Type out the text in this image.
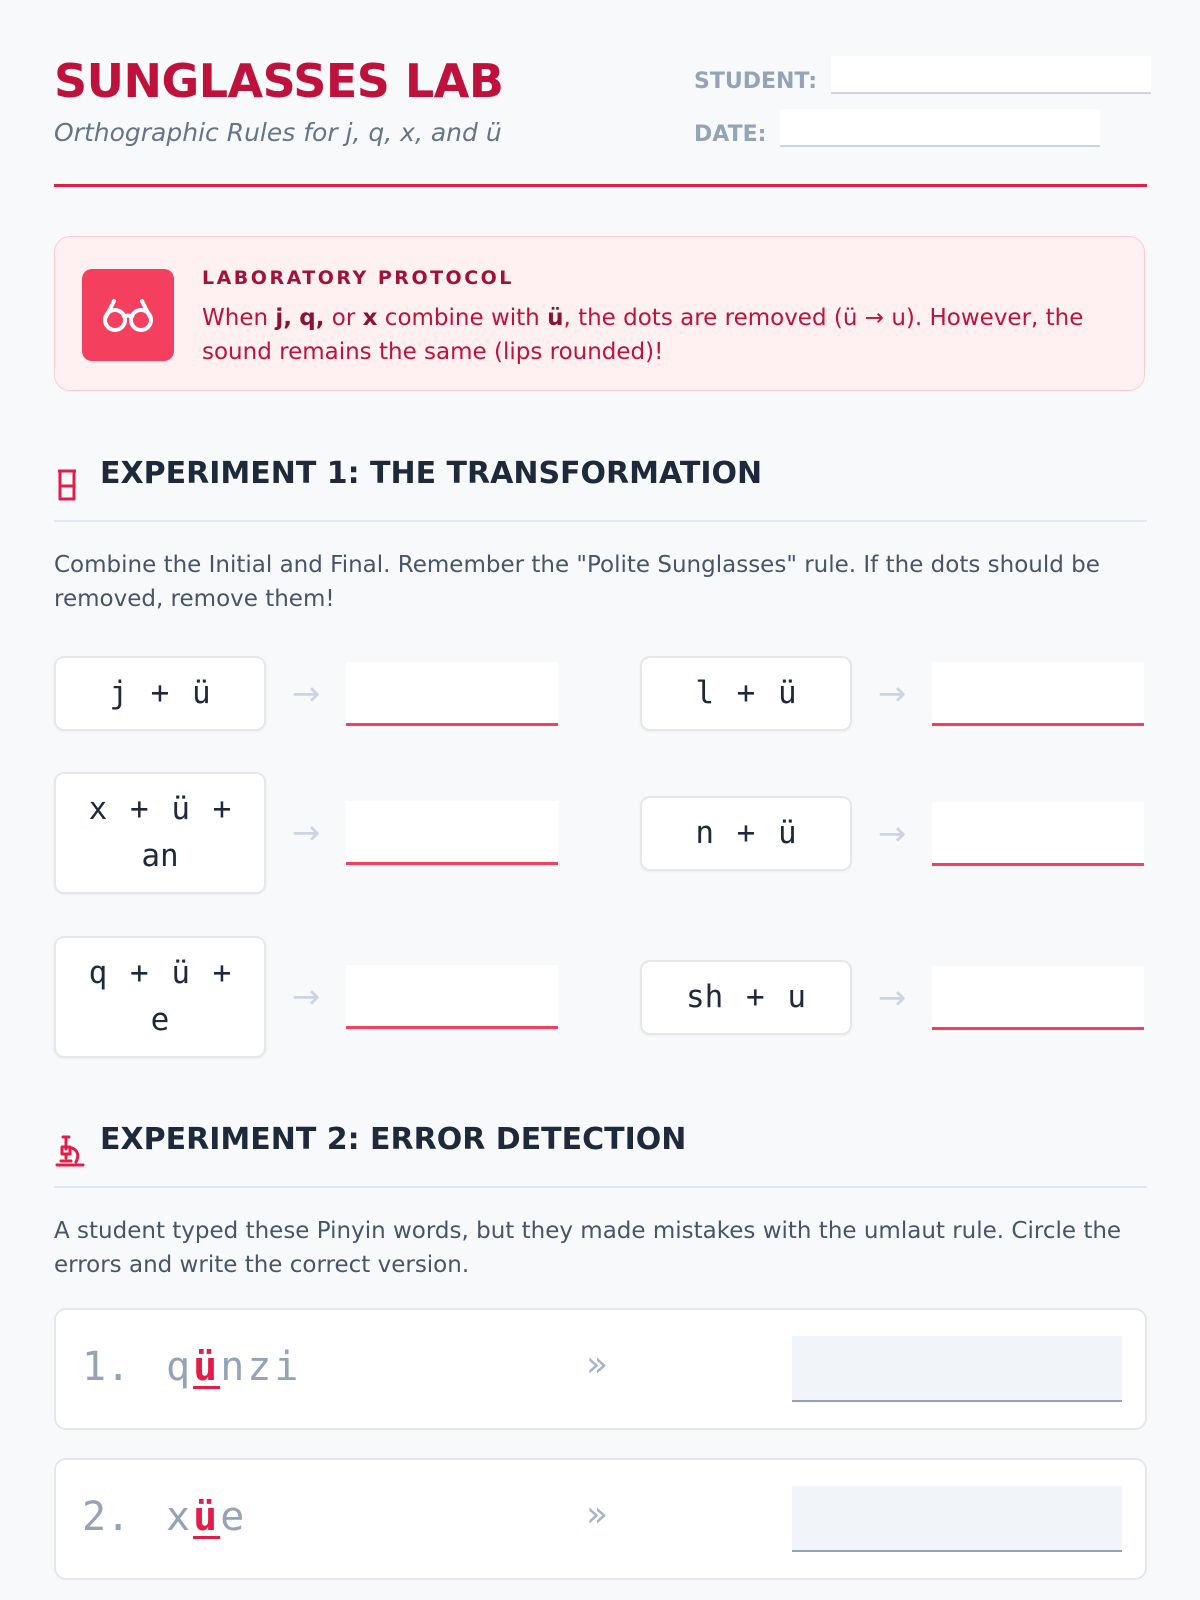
SUNGLASSES LAB
Orthographic Rules for j, q, x, and ü
STUDENT:
DATE:
LABORATORY PROTOCOL
When j, q, or x combine with ü, the dots are removed (ü → u). However, the sound remains the same (lips rounded)!
EXPERIMENT 1: THE TRANSFORMATION
Combine the Initial and Final. Remember the "Polite Sunglasses" rule. If the dots should be removed, remove them!
j + ü	→	l + ü	→
x + ü + an
→	n + ü	→
q + ü + e
→	sh + u	→
EXPERIMENT 2: ERROR DETECTION
A student typed these Pinyin words, but they made mistakes with the umlaut rule. Circle the errors and write the correct version.
1. qünzi	»
2. xüe	»
